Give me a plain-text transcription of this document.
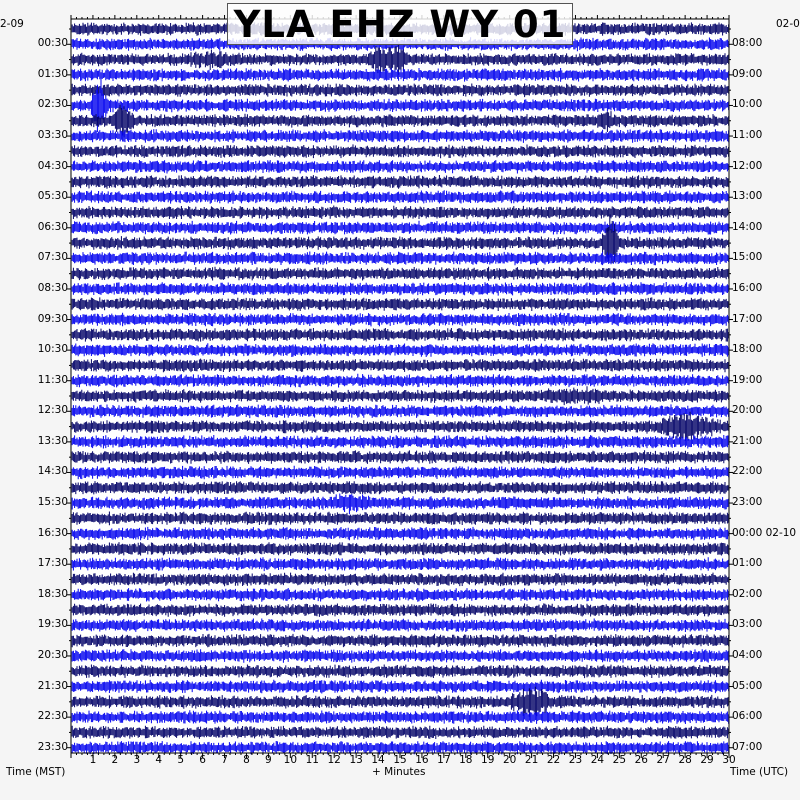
YLA EHZ WY 01
2-09	02-0
Time (MST)	+ Minutes	Time (UTC)
1	2	3	4	5	6	7	8	9	10 11 12 13 14 15 16 17 18 19 20 21 22 23 24 25 26 27 28 29 30
00:30
01:30
02:30
03:30
04:30
05:30
06:30
07:30
08:30
09:30
10:30
11:30
12:30
13:30
14:30
15:30
16:30
17:30
18:30
19:30
20:30
21:30
22:30
23:30
08:00
09:00
10:00
11:00
12:00
13:00
14:00
15:00
16:00
17:00
18:00
19:00
20:00
21:00
22:00
23:00
00:00 02-10
01:00
02:00
03:00
04:00
05:00
06:00
07:00
